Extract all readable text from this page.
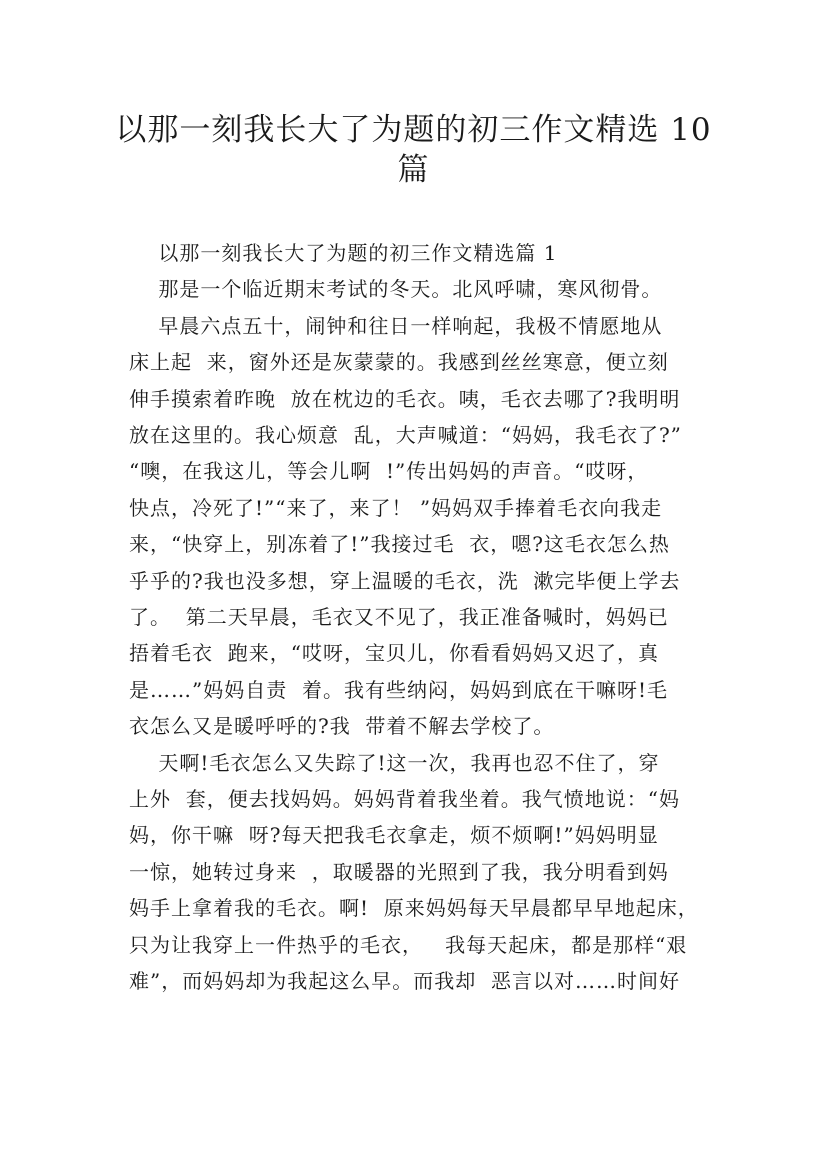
以那一刻我长大了为题的初三作文精选 10
篇
以那一刻我长大了为题的初三作文精选篇 1
那是一个临近期末考试的冬天。北风呼啸，寒风彻骨。
早晨六点五十，闹钟和往日一样响起，我极不情愿地从
床上起  来，窗外还是灰蒙蒙的。我感到丝丝寒意，便立刻
伸手摸索着昨晚  放在枕边的毛衣。咦，毛衣去哪了?我明明
放在这里的。我心烦意  乱，大声喊道：“妈妈，我毛衣了?”
“噢，在我这儿，等会儿啊  !”传出妈妈的声音。“哎呀，
快点，冷死了!”“来了，来了！ ”妈妈双手捧着毛衣向我走
来，“快穿上，别冻着了!”我接过毛  衣，嗯?这毛衣怎么热
乎乎的?我也没多想，穿上温暖的毛衣，洗  漱完毕便上学去
了。  第二天早晨，毛衣又不见了，我正准备喊时，妈妈已
捂着毛衣  跑来，“哎呀，宝贝儿，你看看妈妈又迟了，真
是……”妈妈自责  着。我有些纳闷，妈妈到底在干嘛呀!毛
衣怎么又是暖呼呼的?我  带着不解去学校了。
天啊!毛衣怎么又失踪了!这一次，我再也忍不住了，穿
上外  套，便去找妈妈。妈妈背着我坐着。我气愤地说：“妈
妈，你干嘛  呀?每天把我毛衣拿走，烦不烦啊!”妈妈明显
一惊，她转过身来  ，取暖器的光照到了我，我分明看到妈
妈手上拿着我的毛衣。啊!  原来妈妈每天早晨都早早地起床，
只为让我穿上一件热乎的毛衣，   我每天起床，都是那样“艰
难”，而妈妈却为我起这么早。而我却  恶言以对……时间好
